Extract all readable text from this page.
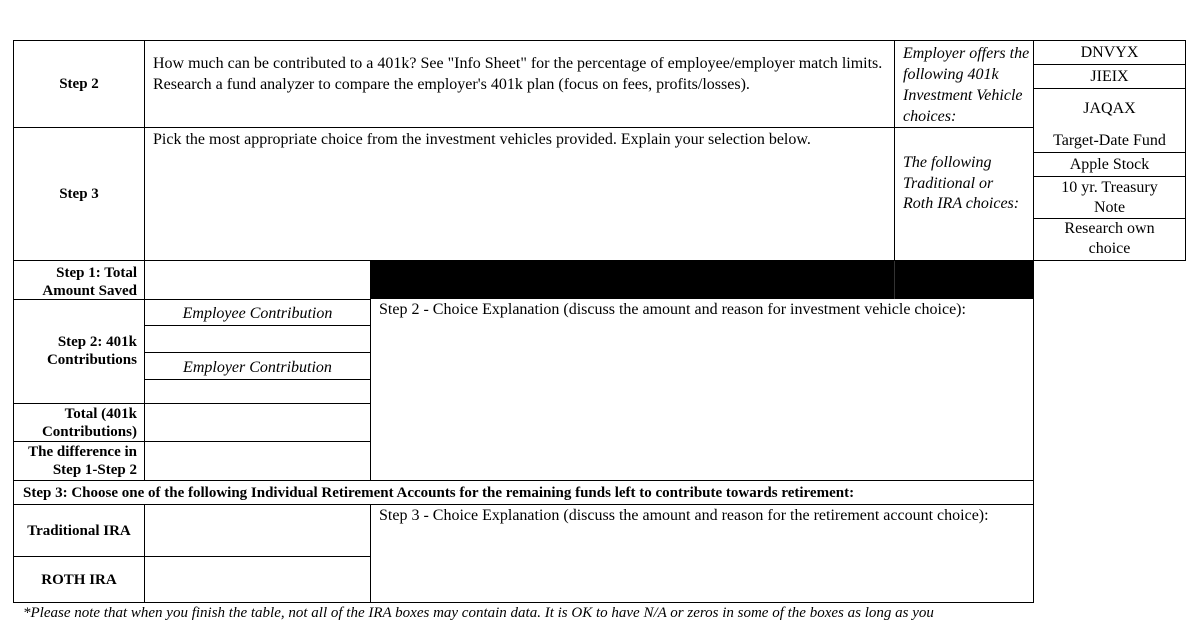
Step 2
How much can be contributed to a 401k? See "Info Sheet" for the percentage of employee/employer match limits. Research a fund analyzer to compare the employer's 401k plan (focus on fees, profits/losses).
Employer offers the following 401k Investment Vehicle choices:
DNVYX
JIEIX
JAQAX
Step 3
Pick the most appropriate choice from the investment vehicles provided. Explain your selection below.
The following Traditional or Roth IRA choices:
Target-Date Fund
Apple Stock
10 yr. Treasury Note
Research own choice
Step 1: Total Amount Saved
Step 2: 401k Contributions
Employee Contribution
Employer Contribution
Total (401k Contributions)
The difference in Step 1-Step 2
Step 2 - Choice Explanation (discuss the amount and reason for investment vehicle choice):
Step 3: Choose one of the following Individual Retirement Accounts for the remaining funds left to contribute towards retirement:
Traditional IRA
ROTH IRA
Step 3 - Choice Explanation (discuss the amount and reason for the retirement account choice):
*Please note that when you finish the table, not all of the IRA boxes may contain data. It is OK to have N/A or zeros in some of the boxes as long as you
